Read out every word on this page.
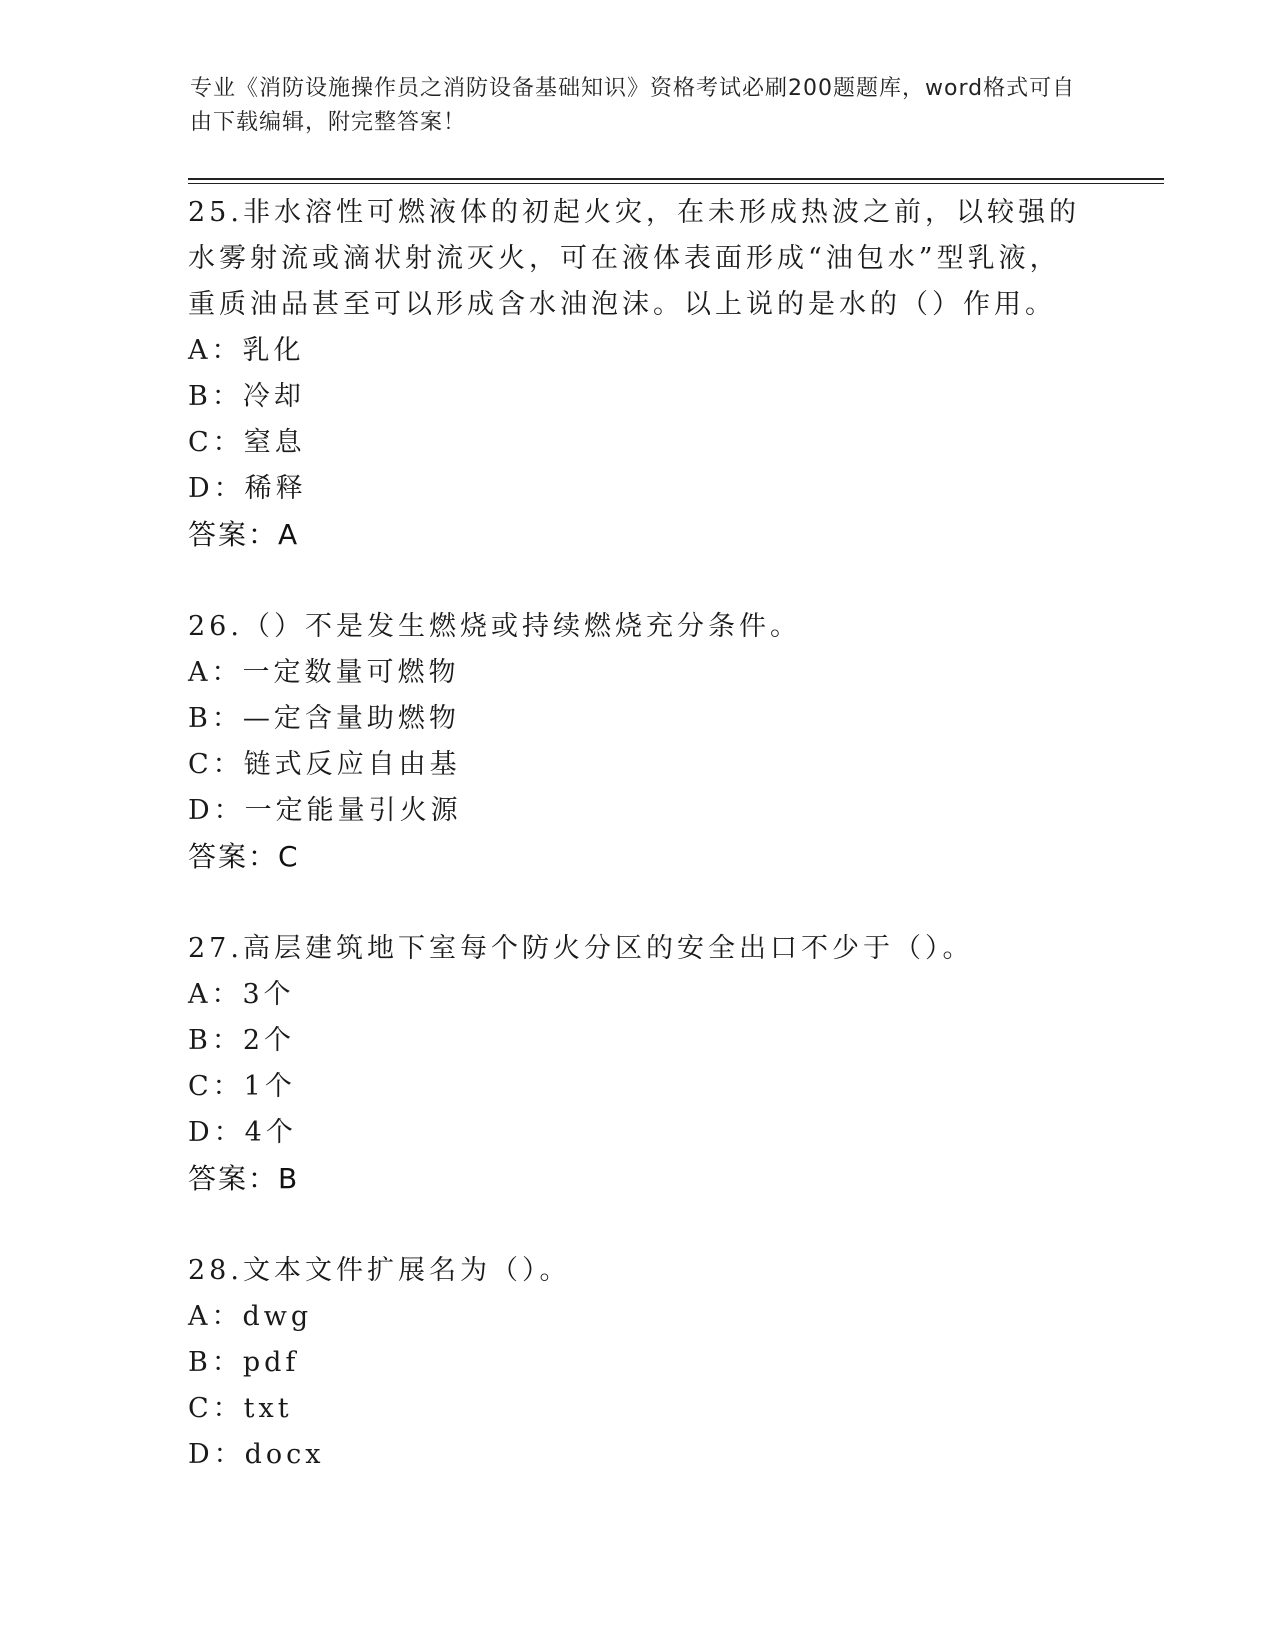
专业《消防设施操作员之消防设备基础知识》资格考试必刷200题题库，word格式可自由下载编辑，附完整答案！

25.非水溶性可燃液体的初起火灾，在未形成热波之前，以较强的水雾射流或滴状射流灭火，可在液体表面形成“油包水”型乳液，重质油品甚至可以形成含水油泡沫。以上说的是水的（）作用。

A：乳化

B：冷却

C：窒息

D：稀释

答案：A

26.（）不是发生燃烧或持续燃烧充分条件。

A：一定数量可燃物

B：—定含量助燃物

C：链式反应自由基

D：一定能量引火源

答案：C

27.高层建筑地下室每个防火分区的安全出口不少于（）。

A：3个

B：2个

C：1个

D：4个

答案：B

28.文本文件扩展名为（）。

A：dwg

B：pdf

C：txt

D：docx
